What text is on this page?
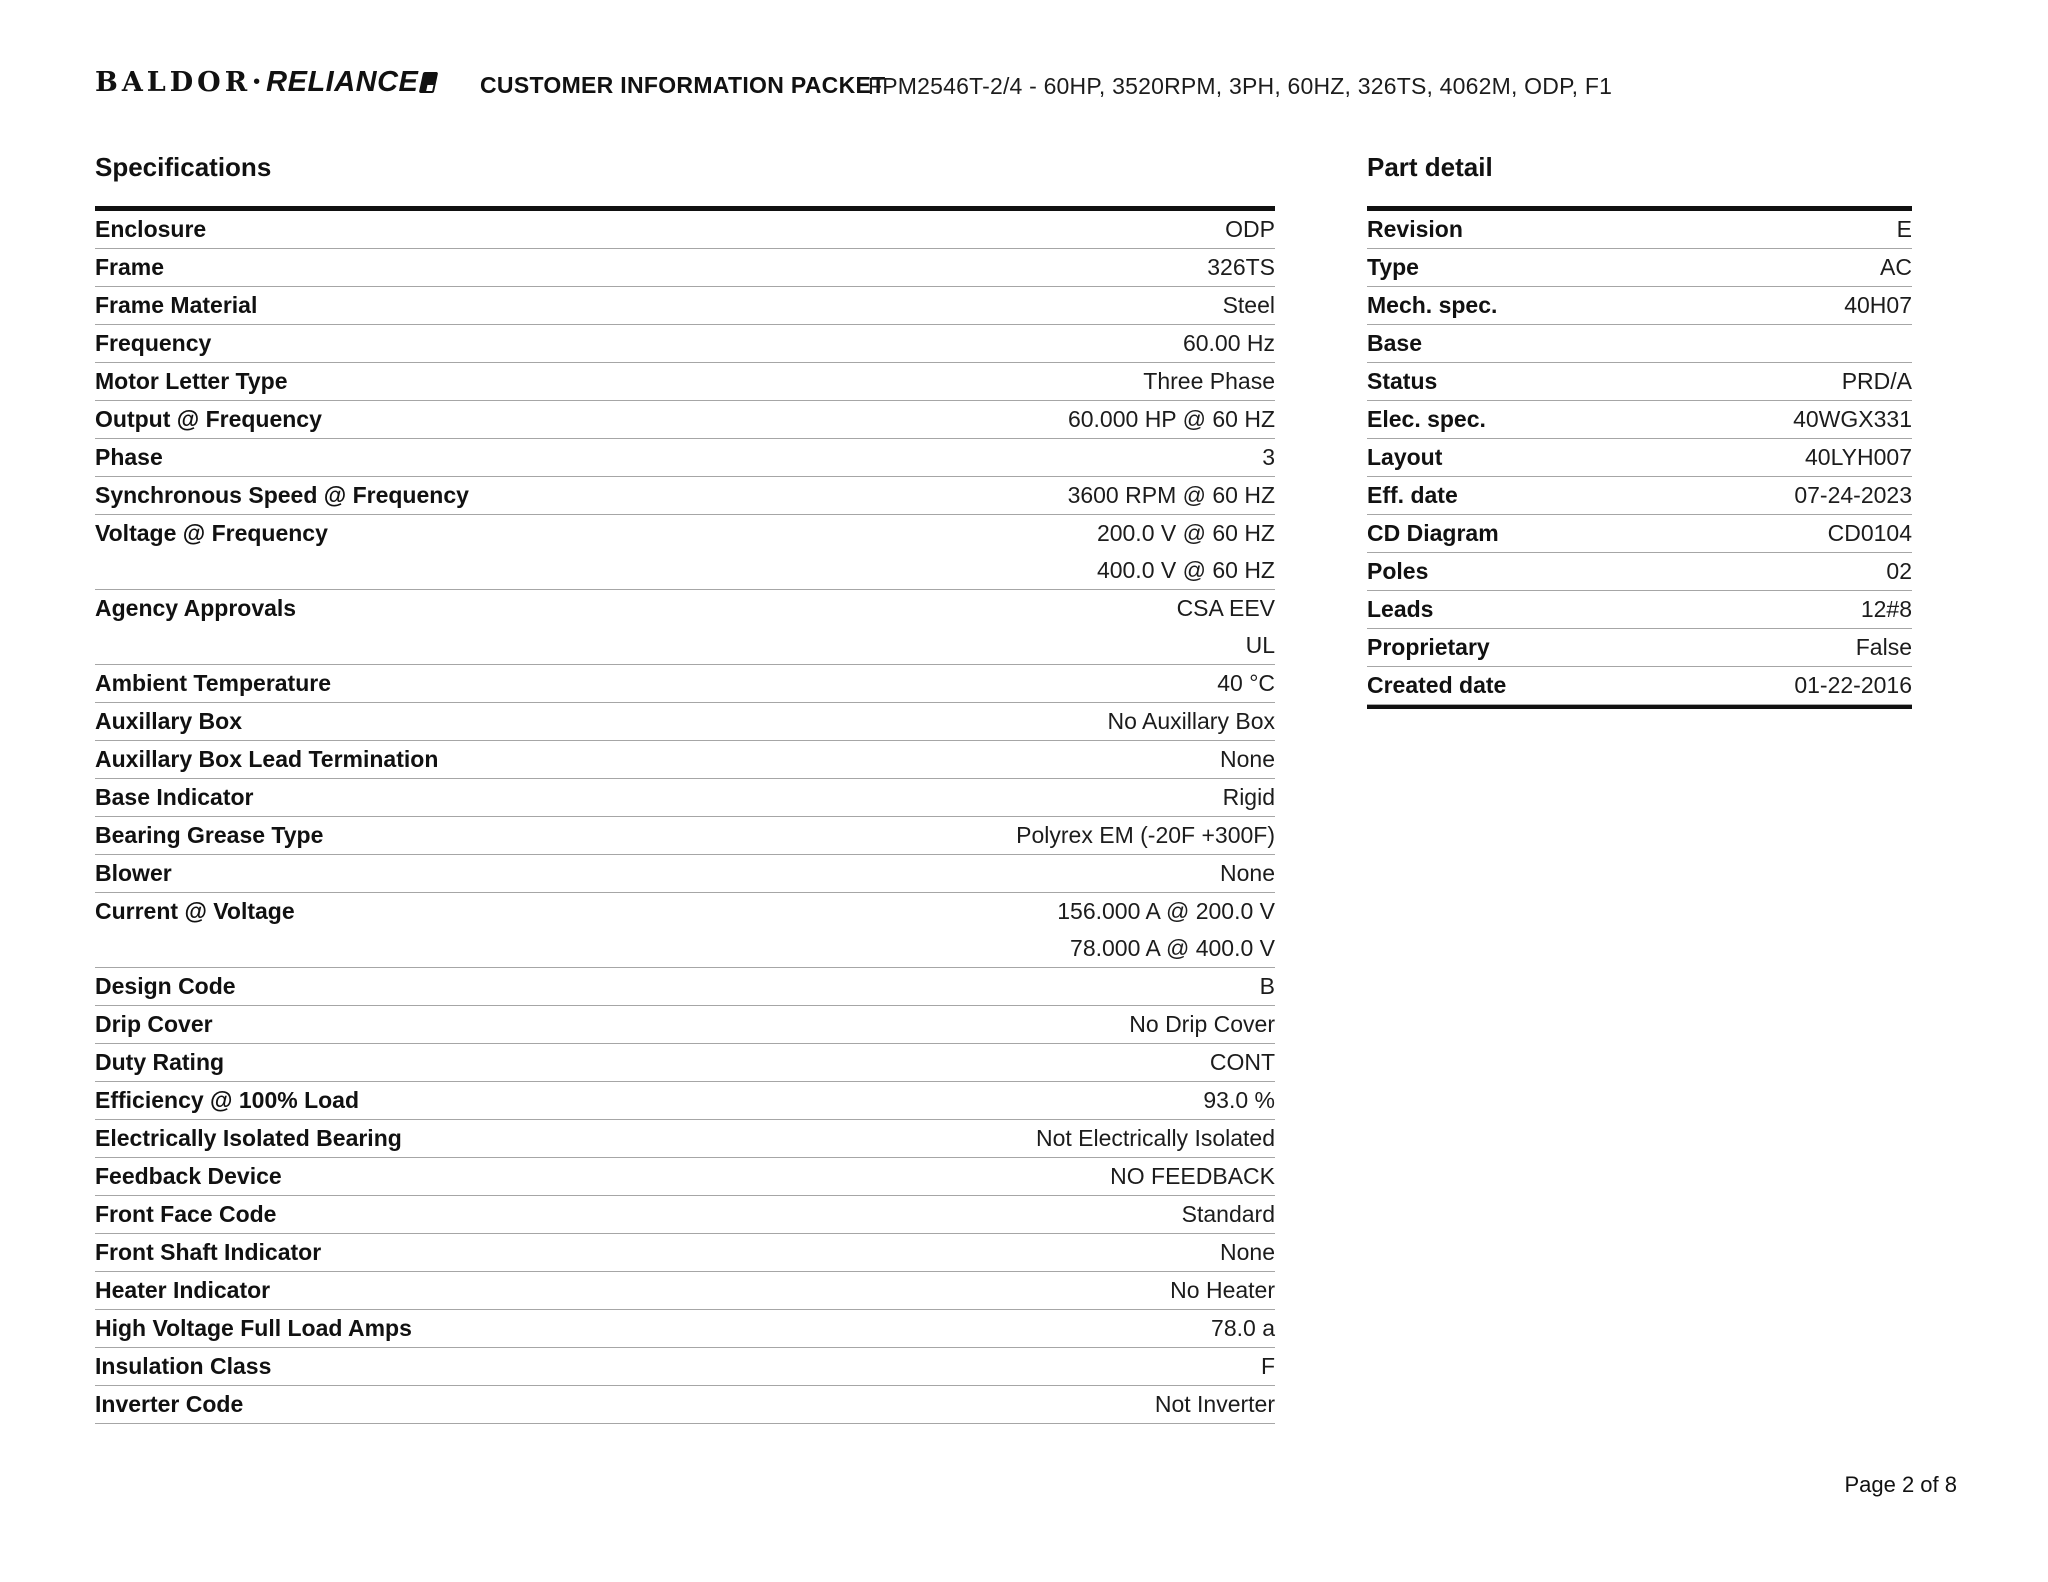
BALDOR • RELIANCE	CUSTOMER INFORMATION PACKET
FPM2546T-2/4 - 60HP, 3520RPM, 3PH, 60HZ, 326TS, 4062M, ODP, F1
Specifications
Enclosure	ODP
Frame	326TS
Frame Material	Steel
Frequency	60.00 Hz
Motor Letter Type	Three Phase
Output @ Frequency	60.000 HP @ 60 HZ
Phase	3
Synchronous Speed @ Frequency	3600 RPM @ 60 HZ
Voltage @ Frequency	200.0 V @ 60 HZ
400.0 V @ 60 HZ
Agency Approvals	CSA EEV
UL
Ambient Temperature	40 °C
Auxillary Box	No Auxillary Box
Auxillary Box Lead Termination	None
Base Indicator	Rigid
Bearing Grease Type	Polyrex EM (-20F +300F)
Blower	None
Current @ Voltage	156.000 A @ 200.0 V
78.000 A @ 400.0 V
Design Code	B
Drip Cover	No Drip Cover
Duty Rating	CONT
Efficiency @ 100% Load	93.0 %
Electrically Isolated Bearing	Not Electrically Isolated
Feedback Device	NO FEEDBACK
Front Face Code	Standard
Front Shaft Indicator	None
Heater Indicator	No Heater
High Voltage Full Load Amps	78.0 a
Insulation Class	F
Inverter Code	Not Inverter
Part detail
Revision	E
Type	AC
Mech. spec.	40H07
Base
Status	PRD/A
Elec. spec.	40WGX331
Layout	40LYH007
Eff. date	07-24-2023
CD Diagram	CD0104
Poles	02
Leads	12#8
Proprietary	False
Created date	01-22-2016
Page 2 of 8
